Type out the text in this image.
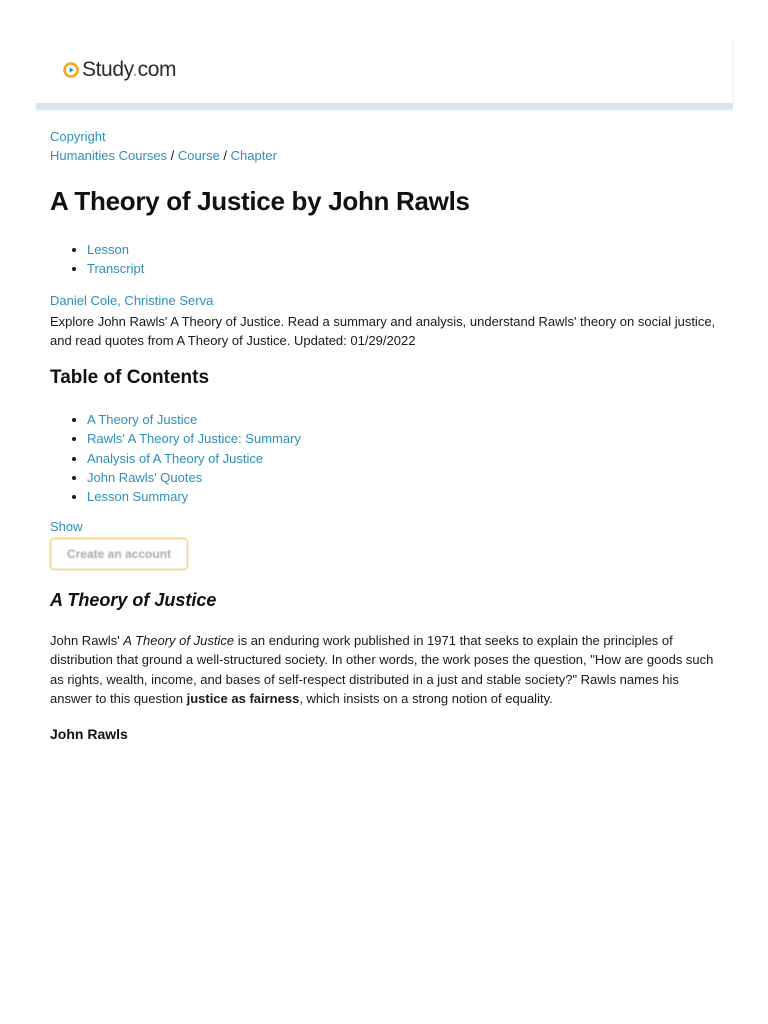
Study.com
Copyright
Humanities Courses / Course / Chapter
A Theory of Justice by John Rawls
• Lesson
• Transcript
Daniel Cole, Christine Serva
Explore John Rawls' A Theory of Justice. Read a summary and analysis, understand Rawls' theory on social justice, and read quotes from A Theory of Justice. Updated: 01/29/2022
Table of Contents
• A Theory of Justice
• Rawls' A Theory of Justice: Summary
• Analysis of A Theory of Justice
• John Rawls' Quotes
• Lesson Summary
Show
Create an account
A Theory of Justice
John Rawls' A Theory of Justice is an enduring work published in 1971 that seeks to explain the principles of distribution that ground a well-structured society. In other words, the work poses the question, "How are goods such as rights, wealth, income, and bases of self-respect distributed in a just and stable society?" Rawls names his answer to this question justice as fairness, which insists on a strong notion of equality.
John Rawls
